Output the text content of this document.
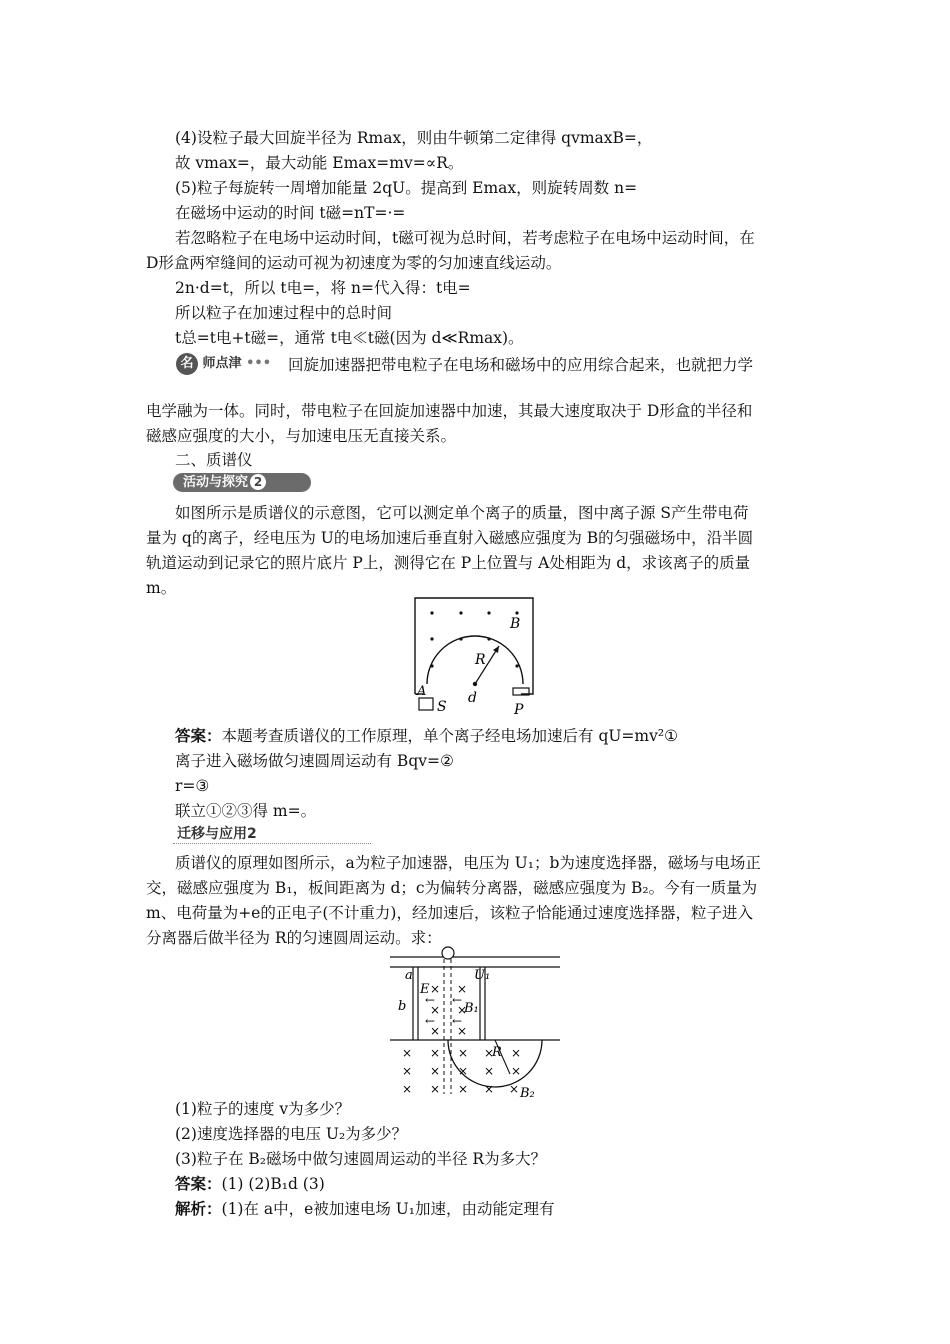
(4)设粒子最大回旋半径为 Rmax，则由牛顿第二定律得 qvmaxB=，
故 vmax=，最大动能 Emax=mv=∝R。
(5)粒子每旋转一周增加能量 2qU。提高到 Emax，则旋转周数 n=
在磁场中运动的时间 t磁=nT=·=
若忽略粒子在电场中运动时间，t磁可视为总时间，若考虑粒子在电场中运动时间，在
D形盒两窄缝间的运动可视为初速度为零的匀加速直线运动。
2n·d=t，所以 t电=，将 n=代入得：t电=
所以粒子在加速过程中的总时间
t总=t电+t磁=，通常 t电≪t磁(因为 d≪Rmax)。
名 师点津 •••	回旋加速器把带电粒子在电场和磁场中的应用综合起来，也就把力学
电学融为一体。同时，带电粒子在回旋加速器中加速，其最大速度取决于 D形盒的半径和
磁感应强度的大小，与加速电压无直接关系。
二、质谱仪
活动与探究 2
如图所示是质谱仪的示意图，它可以测定单个离子的质量，图中离子源 S产生带电荷
量为 q的离子，经电压为 U的电场加速后垂直射入磁感应强度为 B的匀强磁场中，沿半圆
轨道运动到记录它的照片底片 P上，测得它在 P上位置与 A处相距为 d，求该离子的质量
m。
B
R
A
S
d
P
答案：本题考查质谱仪的工作原理，单个离子经电场加速后有 qU=mv²①
离子进入磁场做匀速圆周运动有 Bqv=②
r=③
联立①②③得 m=。
迁移与应用2
质谱仪的原理如图所示，a为粒子加速器，电压为 U₁；b为速度选择器，磁场与电场正
交，磁感应强度为 B₁，板间距离为 d；c为偏转分离器，磁感应强度为 B₂。今有一质量为
m、电荷量为+e的正电子(不计重力)，经加速后，该粒子恰能通过速度选择器，粒子进入
分离器后做半径为 R的匀速圆周运动。求：
a	U₁
b
E
B₁
R
B₂
× ×
← ←
× ×
← ←
× ×
× × × × ×
× × × × ×
× × × × ×
(1)粒子的速度 v为多少？
(2)速度选择器的电压 U₂为多少？
(3)粒子在 B₂磁场中做匀速圆周运动的半径 R为多大？
答案：(1) (2)B₁d (3)
解析：(1)在 a中，e被加速电场 U₁加速，由动能定理有
